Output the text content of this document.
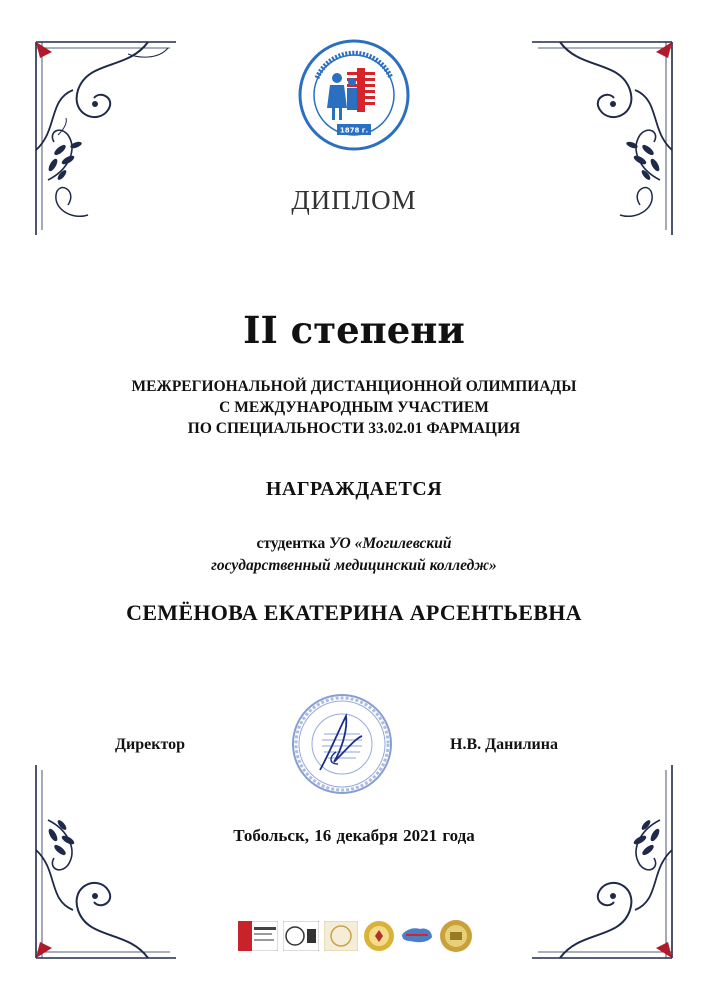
1878 г.
ДИПЛОМ
II степени
МЕЖРЕГИОНАЛЬНОЙ ДИСТАНЦИОННОЙ ОЛИМПИАДЫ
С МЕЖДУНАРОДНЫМ УЧАСТИЕМ
ПО СПЕЦИАЛЬНОСТИ 33.02.01 ФАРМАЦИЯ
НАГРАЖДАЕТСЯ
студентка УО «Могилевский
государственный медицинский колледж»
СЕМЁНОВА ЕКАТЕРИНА АРСЕНТЬЕВНА
Директор	Н.В. Данилина
Тобольск, 16 декабря 2021 года
